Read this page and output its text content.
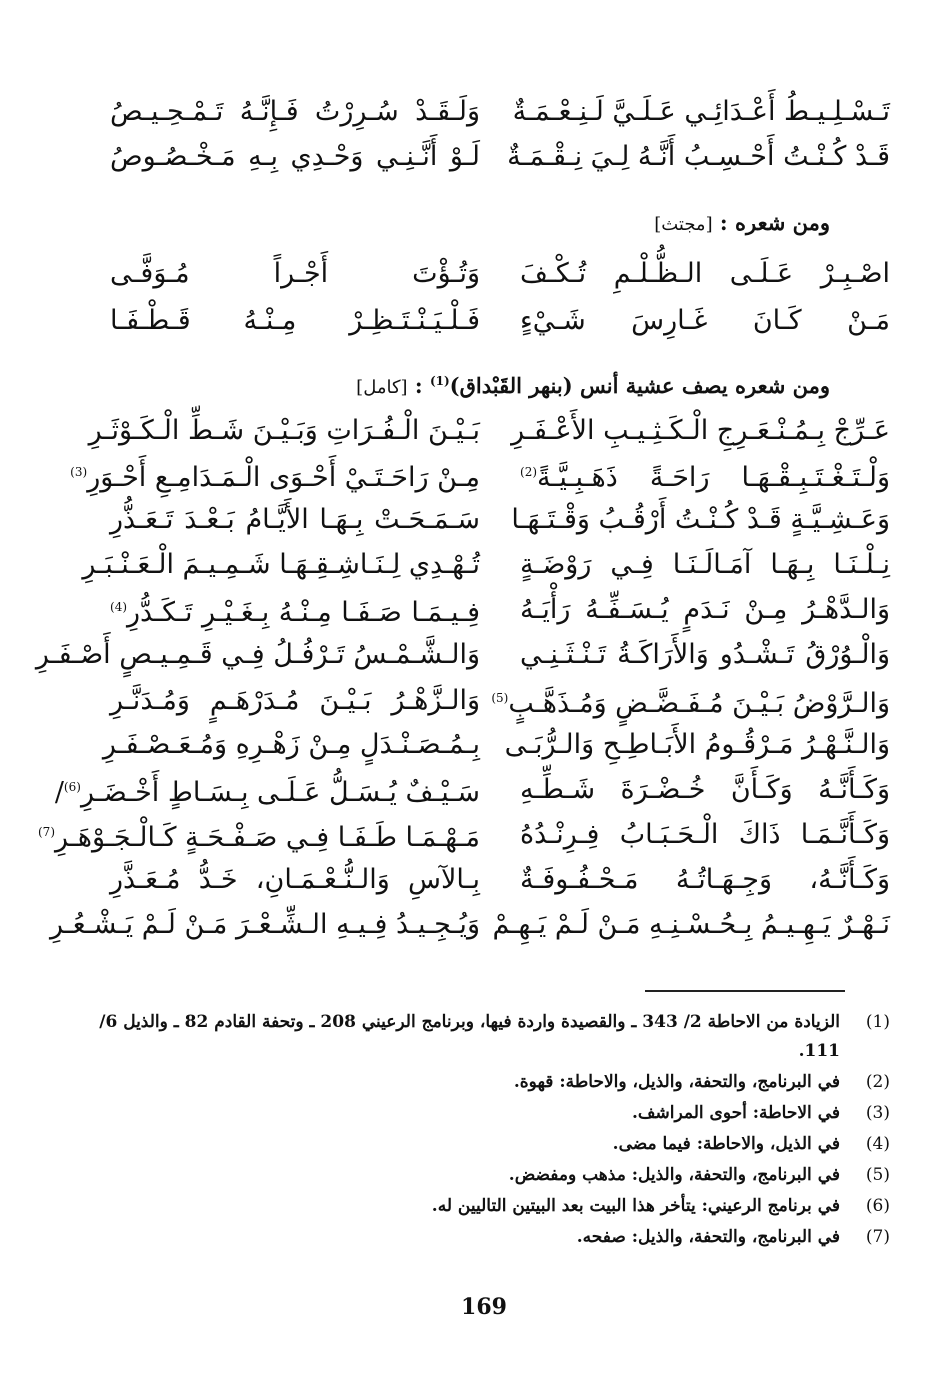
تَـسْـلِـيـطُ أَعْـدَائِـي عَـلَـيَّ لَـنِـعْـمَـةٌ
وَلَـقَـدْ سُـرِرْتُ فَـإِنَّـهُ تَـمْـحِـيـصُ
قَـدْ كُـنْـتُ أَحْـسِـبُ أَنَّـهُ لِـيَ نِـقْـمَـةٌ
لَـوْ أَنَّـنِـي وَحْـدِي بِـهِ مَـخْـصُـوصُ
ومن شعره : [مجتث]
اصْـبِـرْ عَـلَـى الـظُّـلْـمِ تُـكْـفَ
وَتُـؤْتَ أَجْـراً مُـوَفَّـى
مَـنْ كَـانَ غَـارِسَ شَـيْءٍ
فَـلْـيَـنْـتَـظِـرْ مِـنْـهُ قَـطْـفَـا
ومن شعره يصف عشية أنس (بنهر القَبْداق)$^{(1)}$ : [كامل]
عَـرِّجْ بِـمُـنْـعَـرِجِ الْـكَـثِـيـبِ الأَعْـفَـرِ
بَـيْـنَ الْـفُـرَاتِ وَبَـيْـنَ شَـطِّ الْـكَـوْثَـرِ
وَلْـتَـغْـتَـبِـقْـهَـا رَاحَـةً ذَهَـبِـيَّـةً$^{(2)}$
مِـنْ رَاحَـتَـيْ أَحْـوَى الْـمَـدَامِـعِ أَحْـوَرِ$^{(3)}$
وَعَـشِـيَّـةٍ قَـدْ كُـنْـتُ أَرْقُـبُ وَقْـتَـهَـا
سَـمَـحَـتْ بِـهَـا الأَيَّـامُ بَـعْـدَ تَـعَـذُّرِ
نِـلْـنَـا بِـهَـا آمَـالَـنَـا فِـي رَوْضَـةٍ
تُـهْـدِي لِـنَـاشِـقِـهَـا شَـمِـيـمَ الْـعَـنْـبَـرِ
وَالـدَّهْـرُ مِـنْ نَـدَمٍ يُـسَـفِّـهُ رَأْيَـهُ
فِـيـمَـا صَـفَـا مِـنْـهُ بِـغَـيْـرِ تَـكَـدُّرِ$^{(4)}$
وَالْـوُرْقُ تَـشْـدُو وَالأَرَاكَـةُ تَـنْـثَـنِـي
وَالـشَّـمْـسُ تَـرْفُـلُ فِـي قَـمِـيـصٍ أَصْـفَـرِ
وَالـرَّوْضُ بَـيْـنَ مُـفَـضَّـضٍ وَمُـذَهَّـبٍ$^{(5)}$
وَالـزَّهْـرُ بَـيْـنَ مُـدَرْهَـمٍ وَمُـدَنَّـرِ
وَالـنَّـهْـرُ مَـرْقُـومُ الأَبَـاطِـحِ وَالـرُّبَـى
بِـمُـصَـنْـدَلٍ مِـنْ زَهْـرِهِ وَمُـعَـصْـفَـرِ
وَكَـأَنَّـهُ وَكَـأَنَّ خُـضْـرَةَ شَـطِّـهِ
سَـيْـفٌ يُـسَـلُّ عَـلَـى بِـسَـاطٍ أَخْـضَـرِ$^{(6)}$/
وَكَـأَنَّـمَـا ذَاكَ الْـحَـبَـابُ فِـرِنْـدُهُ
مَـهْـمَـا طَـفَـا فِـي صَـفْـحَـةٍ كَـالْـجَـوْهَـرِ$^{(7)}$
وَكَـأَنَّـهُ، وَجِـهَـاتُـهُ مَـحْـفُـوفَـةٌ
بِـالآسِ وَالـنُّـعْـمَـانِ، خَـدُّ مُـعَـذَّرِ
نَـهْـرٌ يَـهِـيـمُ بِـحُـسْـنِـهِ مَـنْ لَـمْ يَـهِـمْ
وَيُـجِـيـدُ فِـيـهِ الـشِّـعْـرَ مَـنْ لَـمْ يَـشْـعُـرِ
(1)
الزيادة من الاحاطة 2/ 343 ـ والقصيدة واردة فيها، وبرنامج الرعيني 208 ـ وتحفة القادم 82 ـ والذيل 6/ 111.
(2)
في البرنامج، والتحفة، والذيل، والاحاطة: قهوة.
(3)
في الاحاطة: أحوى المراشف.
(4)
في الذيل، والاحاطة: فيما مضى.
(5)
في البرنامج، والتحفة، والذيل: مذهب ومفضض.
(6)
في برنامج الرعيني: يتأخر هذا البيت بعد البيتين التاليين له.
(7)
في البرنامج، والتحفة، والذيل: صفحه.
169
